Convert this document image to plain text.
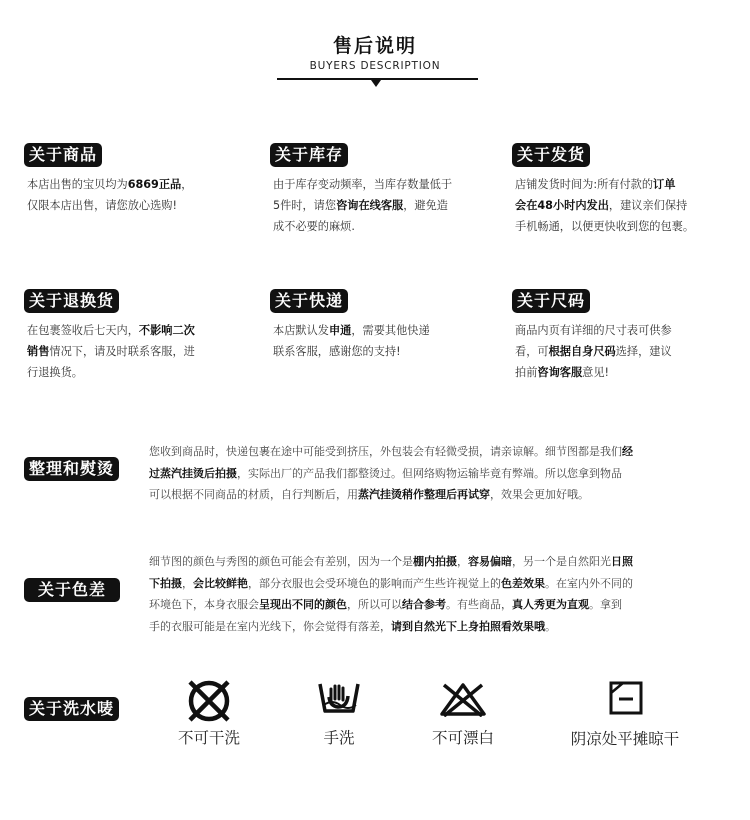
售后说明
BUYERS DESCRIPTION
关于商品
本店出售的宝贝均为6869正品，
仅限本店出售，请您放心选购!
关于库存
由于库存变动频率，当库存数量低于
5件时，请您咨询在线客服，避免造
成不必要的麻烦.
关于发货
店铺发货时间为:所有付款的订单
会在48小时内发出，建议亲们保持
手机畅通，以便更快收到您的包裹。
关于退换货
在包裹签收后七天内，不影响二次
销售情况下，请及时联系客服，进
行退换货。
关于快递
本店默认发申通，需要其他快递
联系客服，感谢您的支持!
关于尺码
商品内页有详细的尺寸表可供参
看，可根据自身尺码选择，建议
拍前咨询客服意见!
整理和熨烫
您收到商品时，快递包裹在途中可能受到挤压，外包装会有轻微受损，请亲谅解。细节图都是我们经
过蒸汽挂烫后拍摄，实际出厂的产品我们都整烫过。但网络购物运输毕竟有弊端。所以您拿到物品
可以根据不同商品的材质，自行判断后，用蒸汽挂烫稍作整理后再试穿，效果会更加好哦。
关于色差
细节图的颜色与秀图的颜色可能会有差别，因为一个是棚内拍摄，容易偏暗，另一个是自然阳光日照
下拍摄，会比较鲜艳，部分衣服也会受环境色的影响而产生些许视觉上的色差效果。在室内外不同的
环境色下，本身衣服会呈现出不同的颜色，所以可以结合参考。有些商品，真人秀更为直观。拿到
手的衣服可能是在室内光线下，你会觉得有落差，请到自然光下上身拍照看效果哦。
关于洗水唛
不可干洗	手洗	不可漂白	阴凉处平摊晾干
